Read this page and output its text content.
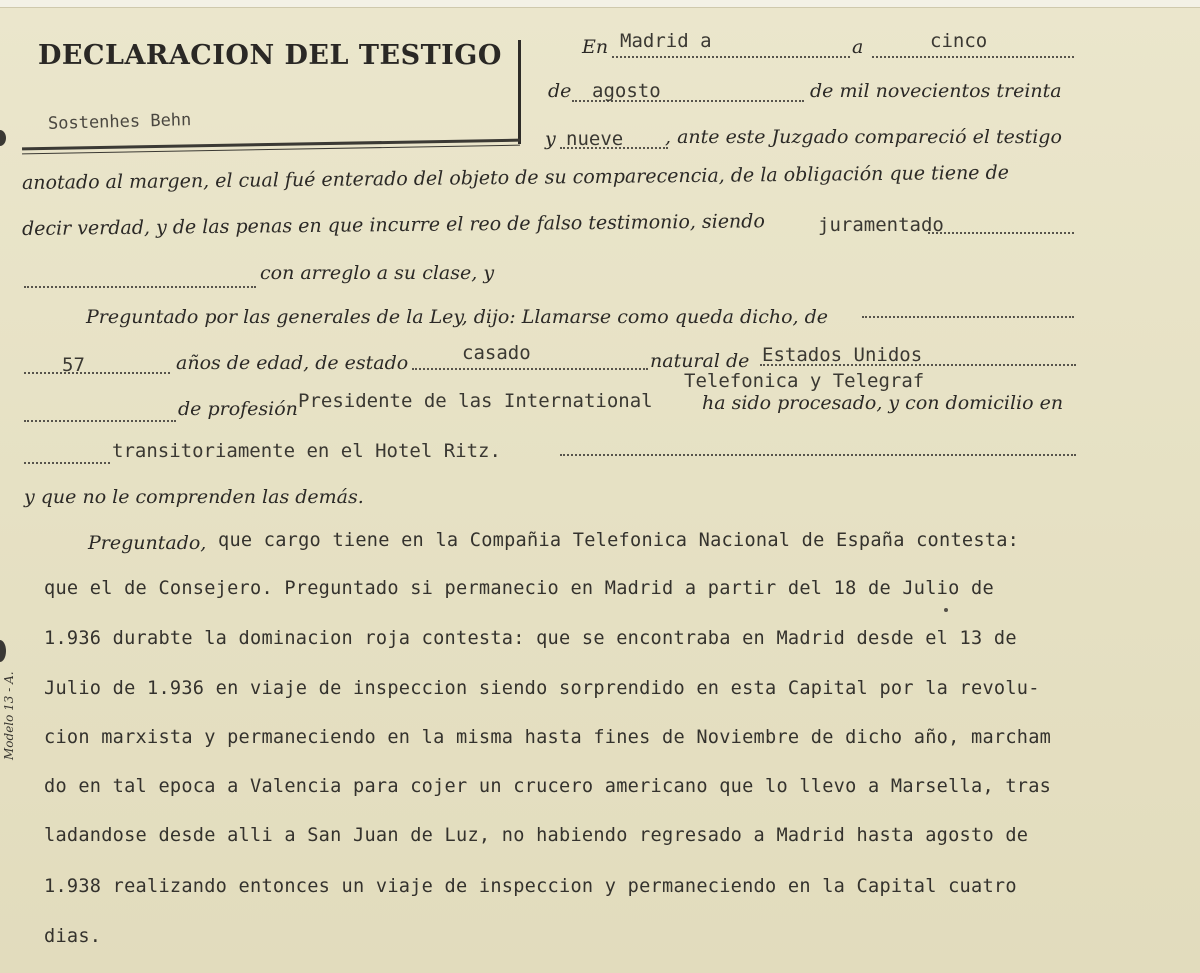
DECLARACION DEL TESTIGO
Sostenhes Behn
En Madrid a	a	cinco
de agosto	de mil novecientos treinta
y nueve , ante este Juzgado compareció el testigo
anotado al margen, el cual fué enterado del objeto de su comparecencia, de la obligación que tiene de
decir verdad, y de las penas en que incurre el reo de falso testimonio, siendo	juramentado
con arreglo a su clase, y
Preguntado por las generales de la Ley, dijo: Llamarse como queda dicho, de
57	años de edad, de estado	casado	natural de Estados Unidos
Telefonica y Telegraf
de profesión Presidente de las International	ha sido procesado, y con domicilio en
transitoriamente en el Hotel Ritz.
y que no le comprenden las demás.
Preguntado, que cargo tiene en la Compañia Telefonica Nacional de España contesta:
que el de Consejero. Preguntado si permanecio en Madrid a partir del 18 de Julio de
1.936 durabte la dominacion roja contesta: que se encontraba en Madrid desde el 13 de
Julio de 1.936 en viaje de inspeccion siendo sorprendido en esta Capital por la revolu-
cion marxista y permaneciendo en la misma hasta fines de Noviembre de dicho año, marcham
do en tal epoca a Valencia para cojer un crucero americano que lo llevo a Marsella, tras
ladandose desde alli a San Juan de Luz, no habiendo regresado a Madrid hasta agosto de
1.938 realizando entonces un viaje de inspeccion y permaneciendo en la Capital cuatro
dias.
Modelo 13 - A.
